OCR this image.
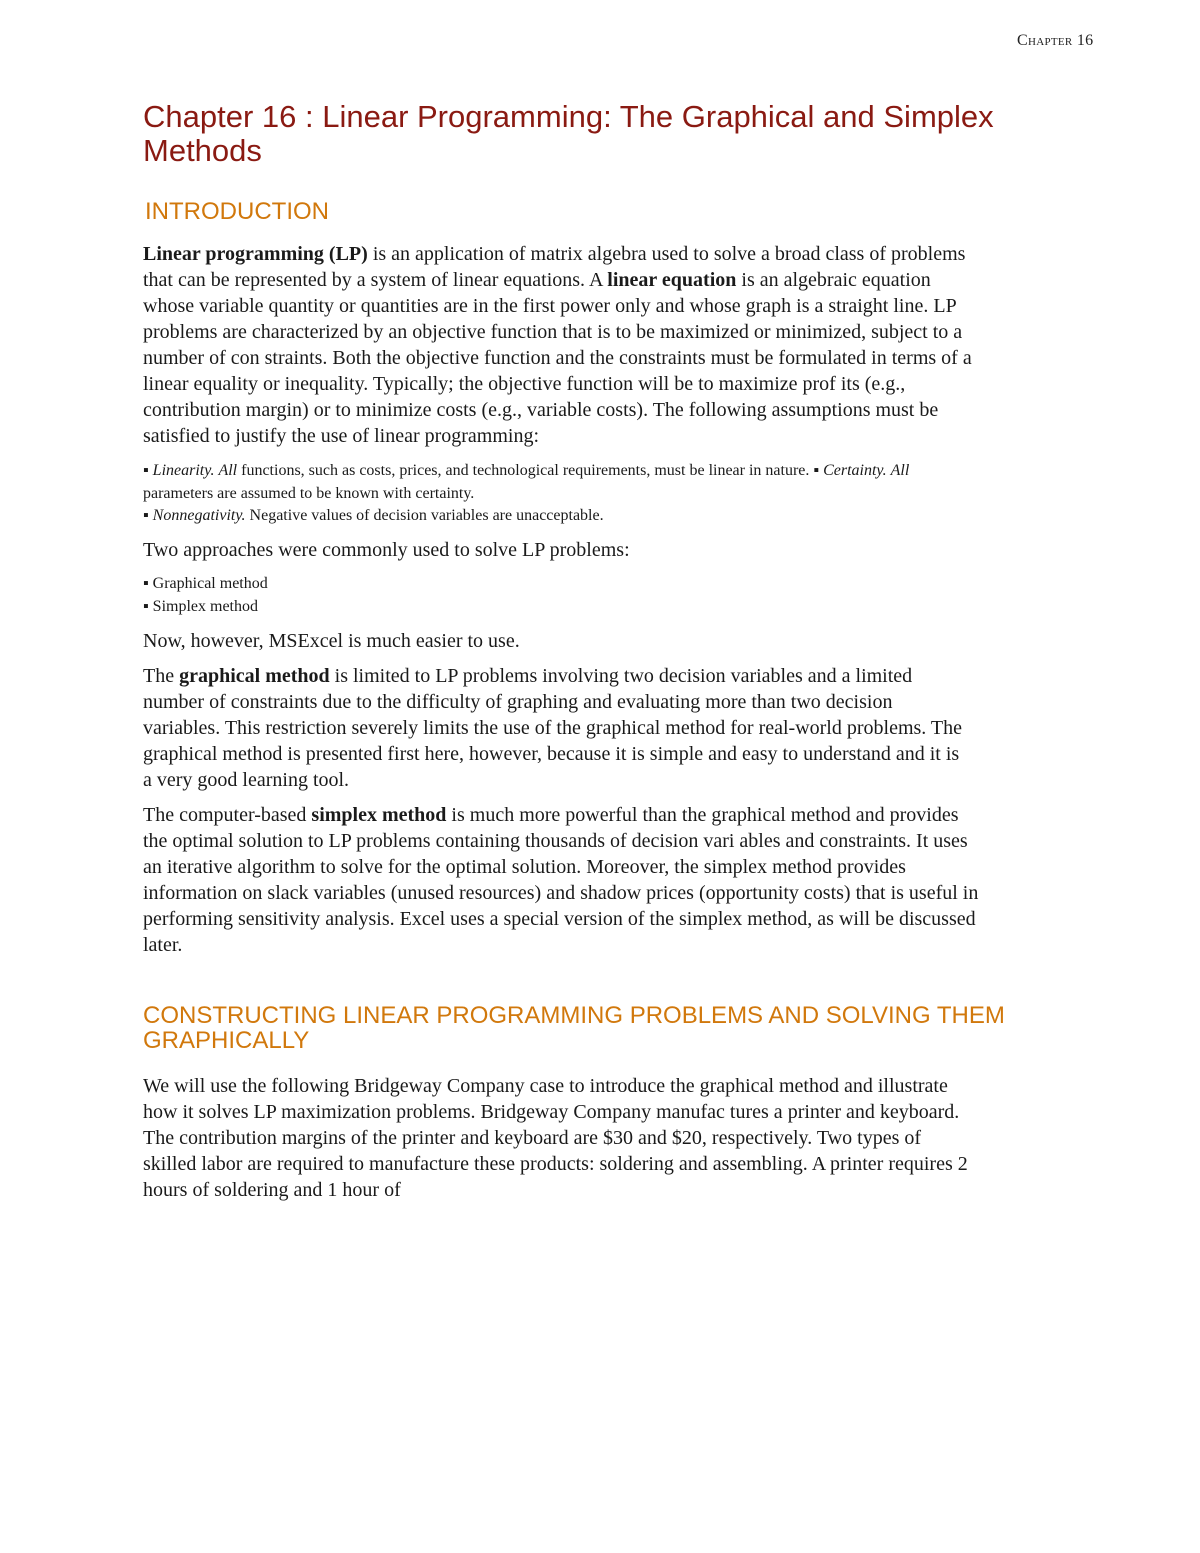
Chapter 16
Chapter 16 : Linear Programming: The Graphical and Simplex Methods
INTRODUCTION

Linear programming (LP) is an application of matrix algebra used to solve a broad class of problems that can be represented by a system of linear equations. A linear equation is an algebraic equation whose variable quantity or quantities are in the first power only and whose graph is a straight line. LP problems are characterized by an objective function that is to be maximized or minimized, subject to a number of con straints. Both the objective function and the constraints must be formulated in terms of a linear equality or inequality. Typically; the objective function will be to maximize prof its (e.g., contribution margin) or to minimize costs (e.g., variable costs). The following assumptions must be satisfied to justify the use of linear programming:

▪ Linearity. All functions, such as costs, prices, and technological requirements, must be linear in nature. ▪ Certainty. All parameters are assumed to be known with certainty.
▪ Nonnegativity. Negative values of decision variables are unacceptable.

Two approaches were commonly used to solve LP problems:

▪ Graphical method
▪ Simplex method

Now, however, MSExcel is much easier to use.

The graphical method is limited to LP problems involving two decision variables and a limited number of constraints due to the difficulty of graphing and evaluating more than two decision variables. This restriction severely limits the use of the graphical method for real-world problems. The graphical method is presented first here, however, because it is simple and easy to understand and it is a very good learning tool.

The computer-based simplex method is much more powerful than the graphical method and provides the optimal solution to LP problems containing thousands of decision vari ables and constraints. It uses an iterative algorithm to solve for the optimal solution. Moreover, the simplex method provides information on slack variables (unused resources) and shadow prices (opportunity costs) that is useful in performing sensitivity analysis. Excel uses a special version of the simplex method, as will be discussed later.

CONSTRUCTING LINEAR PROGRAMMING PROBLEMS AND SOLVING THEM GRAPHICALLY

We will use the following Bridgeway Company case to introduce the graphical method and illustrate how it solves LP maximization problems. Bridgeway Company manufac tures a printer and keyboard. The contribution margins of the printer and keyboard are $30 and $20, respectively. Two types of skilled labor are required to manufacture these products: soldering and assembling. A printer requires 2 hours of soldering and 1 hour of
